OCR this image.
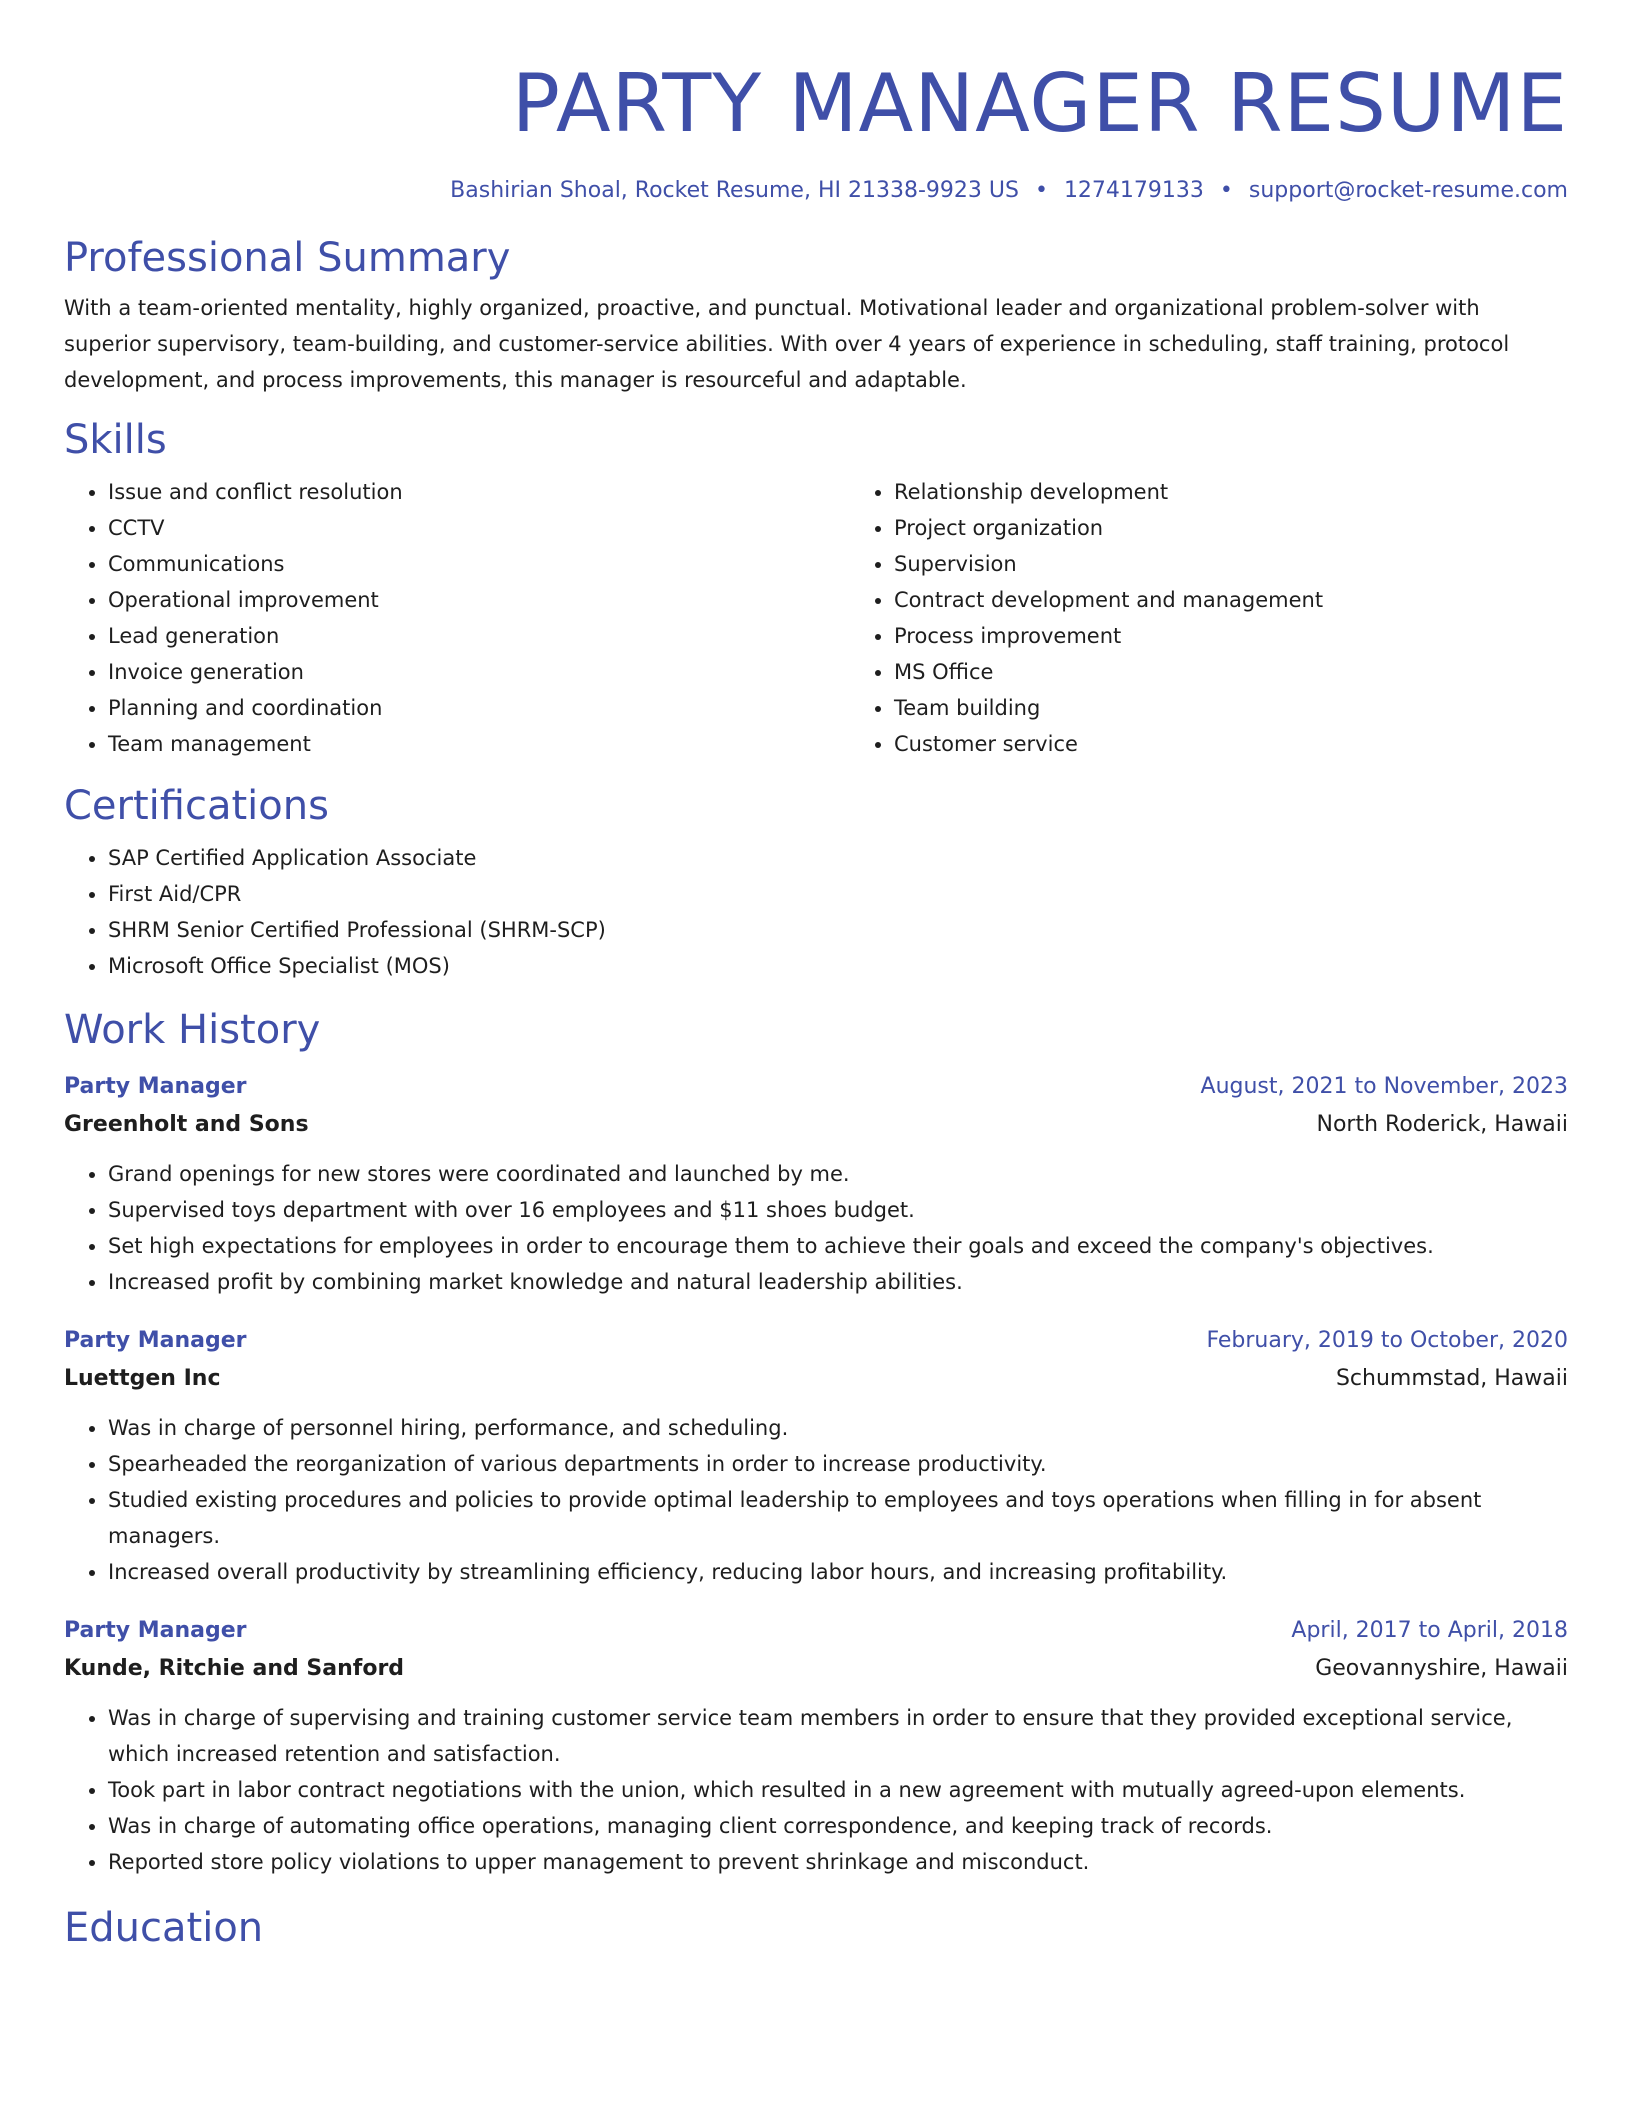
PARTY MANAGER RESUME
Bashirian Shoal, Rocket Resume, HI 21338-9923 US • 1274179133 • support@rocket-resume.com
Professional Summary

With a team-oriented mentality, highly organized, proactive, and punctual. Motivational leader and organizational problem-solver with superior supervisory, team-building, and customer-service abilities. With over 4 years of experience in scheduling, staff training, protocol development, and process improvements, this manager is resourceful and adaptable.

Skills
• Issue and conflict resolution
• CCTV
• Communications
• Operational improvement
• Lead generation
• Invoice generation
• Planning and coordination
• Team management
• Relationship development
• Project organization
• Supervision
• Contract development and management
• Process improvement
• MS Office
• Team building
• Customer service
Certifications
• SAP Certified Application Associate
• First Aid/CPR
• SHRM Senior Certified Professional (SHRM-SCP)
• Microsoft Office Specialist (MOS)
Work History
Party Manager	August, 2021 to November, 2023
Greenholt and Sons	North Roderick, Hawaii
• Grand openings for new stores were coordinated and launched by me.
• Supervised toys department with over 16 employees and $11 shoes budget.
• Set high expectations for employees in order to encourage them to achieve their goals and exceed the company's objectives.
• Increased profit by combining market knowledge and natural leadership abilities.
Party Manager	February, 2019 to October, 2020
Luettgen Inc	Schummstad, Hawaii
• Was in charge of personnel hiring, performance, and scheduling.
• Spearheaded the reorganization of various departments in order to increase productivity.
• Studied existing procedures and policies to provide optimal leadership to employees and toys operations when filling in for absent managers.
• Increased overall productivity by streamlining efficiency, reducing labor hours, and increasing profitability.
Party Manager	April, 2017 to April, 2018
Kunde, Ritchie and Sanford	Geovannyshire, Hawaii
• Was in charge of supervising and training customer service team members in order to ensure that they provided exceptional service, which increased retention and satisfaction.
• Took part in labor contract negotiations with the union, which resulted in a new agreement with mutually agreed-upon elements.
• Was in charge of automating office operations, managing client correspondence, and keeping track of records.
• Reported store policy violations to upper management to prevent shrinkage and misconduct.
Education
